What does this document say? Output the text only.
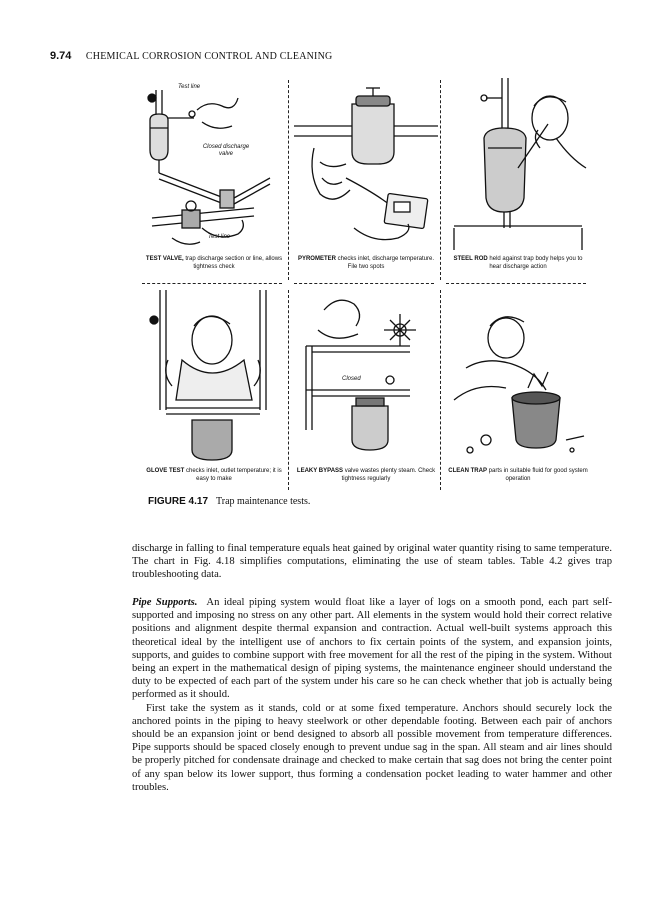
9.74 CHEMICAL CORROSION CONTROL AND CLEANING
Test line
Closed discharge valve
Test line
TEST VALVE, trap discharge section or line, allows tightness check
PYROMETER checks inlet, discharge temperature. File two spots
STEEL ROD held against trap body helps you to hear discharge action
GLOVE TEST checks inlet, outlet temperature; it is easy to make
Closed
LEAKY BYPASS valve wastes plenty steam. Check tightness regularly
CLEAN TRAP parts in suitable fluid for good system operation
FIGURE 4.17 Trap maintenance tests.

discharge in falling to final temperature equals heat gained by original water quantity rising to same temperature. The chart in Fig. 4.18 simplifies computations, eliminating the use of steam tables. Table 4.2 gives trap troubleshooting data.

Pipe Supports. An ideal piping system would float like a layer of logs on a smooth pond, each part self-supported and imposing no stress on any other part. All elements in the system would hold their correct relative positions and alignment despite thermal expansion and contraction. Actual well-built systems approach this theoretical ideal by the intelligent use of anchors to fix certain points of the system, and expansion joints, supports, and guides to combine support with free movement for all the rest of the piping in the system. Without being an expert in the mathematical design of piping systems, the maintenance engineer should understand the duty to be expected of each part of the system under his care so he can check whether that job is actually being performed as it should.

First take the system as it stands, cold or at some fixed temperature. Anchors should securely lock the anchored points in the piping to heavy steelwork or other dependable footing. Between each pair of anchors should be an expansion joint or bend designed to absorb all possible movement from temperature differences. Pipe supports should be spaced closely enough to prevent undue sag in the span. All steam and air lines should be properly pitched for condensate drainage and checked to make certain that sag does not bring the center point of any span below its lower support, thus forming a condensation pocket leading to water hammer and other troubles.
